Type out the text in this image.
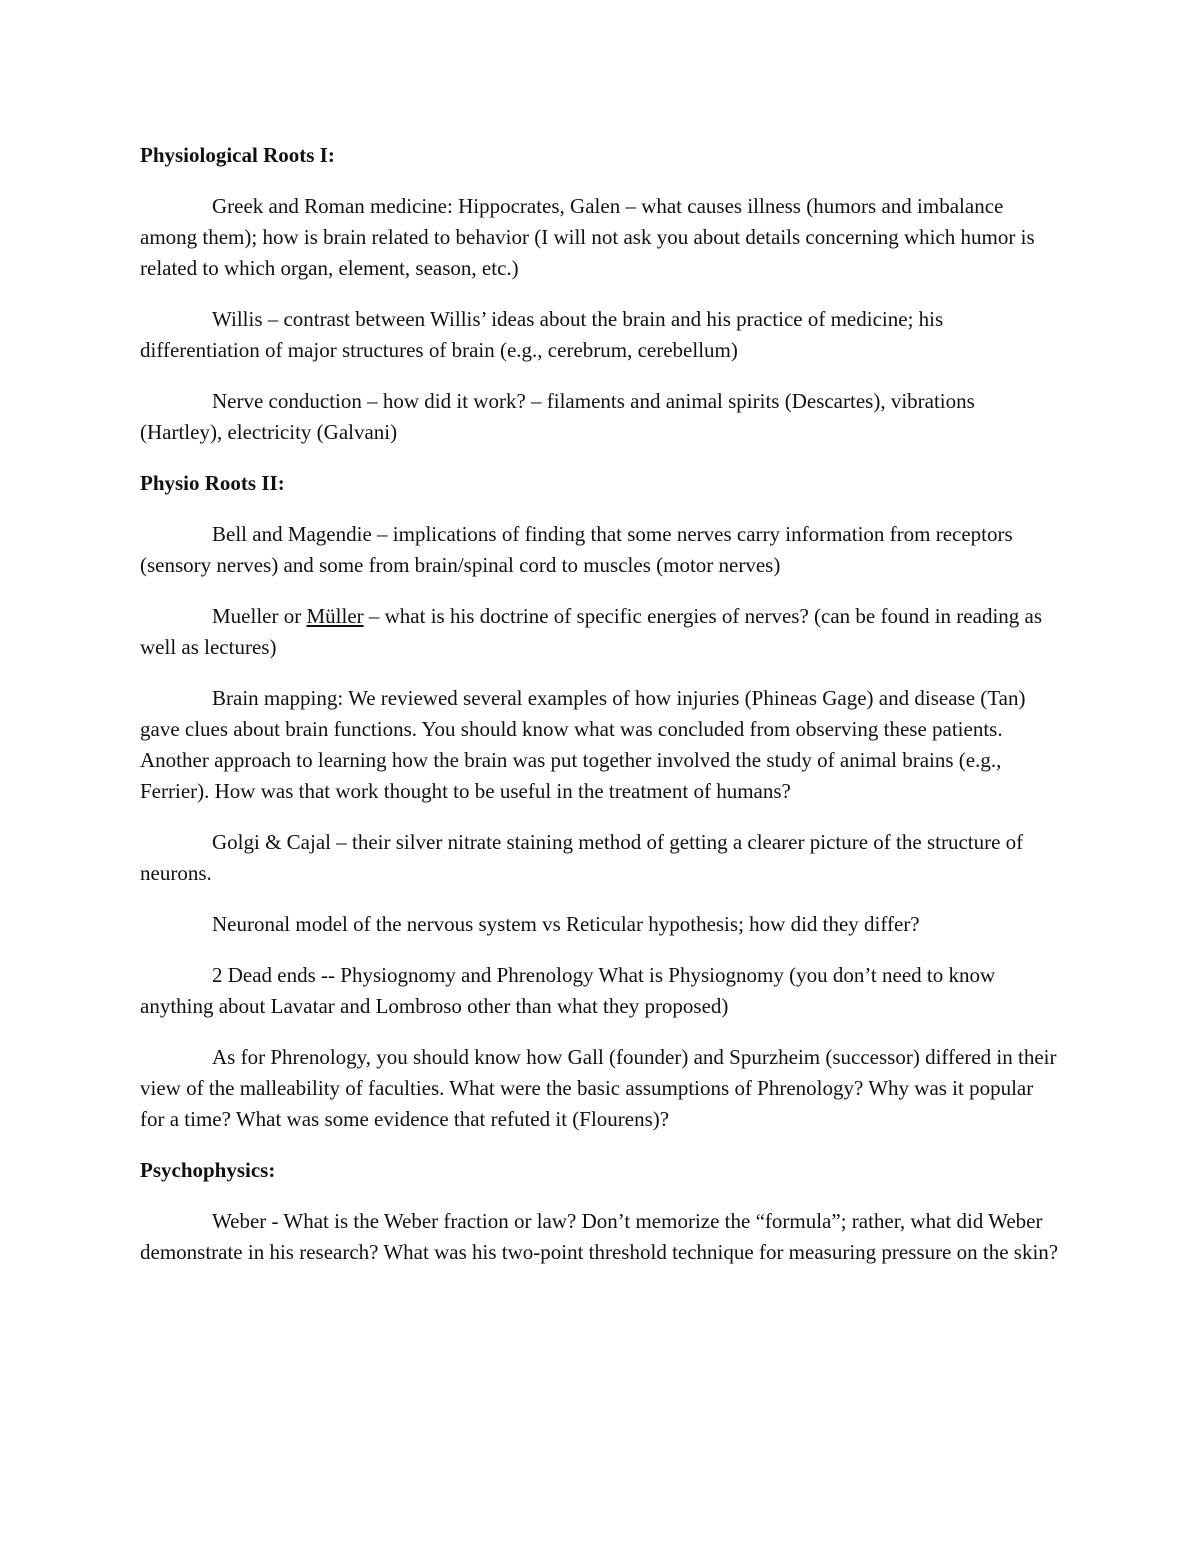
Physiological Roots I:

Greek and Roman medicine: Hippocrates, Galen – what causes illness (humors and imbalance among them); how is brain related to behavior (I will not ask you about details concerning which humor is related to which organ, element, season, etc.)

Willis – contrast between Willis’ ideas about the brain and his practice of medicine; his differentiation of major structures of brain (e.g., cerebrum, cerebellum)

Nerve conduction – how did it work? – filaments and animal spirits (Descartes), vibrations (Hartley), electricity (Galvani)

Physio Roots II:

Bell and Magendie – implications of finding that some nerves carry information from receptors (sensory nerves) and some from brain/spinal cord to muscles (motor nerves)

Mueller or Müller – what is his doctrine of specific energies of nerves? (can be found in reading as well as lectures)

Brain mapping: We reviewed several examples of how injuries (Phineas Gage) and disease (Tan) gave clues about brain functions. You should know what was concluded from observing these patients. Another approach to learning how the brain was put together involved the study of animal brains (e.g., Ferrier). How was that work thought to be useful in the treatment of humans?

Golgi & Cajal – their silver nitrate staining method of getting a clearer picture of the structure of neurons.

Neuronal model of the nervous system vs Reticular hypothesis; how did they differ?

2 Dead ends -- Physiognomy and Phrenology What is Physiognomy (you don’t need to know anything about Lavatar and Lombroso other than what they proposed)

As for Phrenology, you should know how Gall (founder) and Spurzheim (successor) differed in their view of the malleability of faculties. What were the basic assumptions of Phrenology? Why was it popular for a time? What was some evidence that refuted it (Flourens)?

Psychophysics:

Weber - What is the Weber fraction or law? Don’t memorize the “formula”; rather, what did Weber demonstrate in his research? What was his two-point threshold technique for measuring pressure on the skin?
